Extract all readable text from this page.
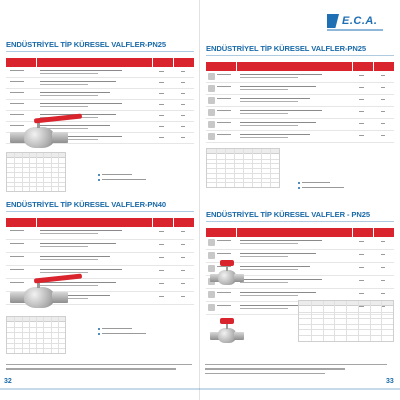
E.C.A.
ENDÜSTRİYEL TİP KÜRESEL VALFLER-PN25
ENDÜSTRİYEL TİP KÜRESEL VALFLER-PN40
ENDÜSTRİYEL TİP KÜRESEL VALFLER-PN25
ENDÜSTRİYEL TİP KÜRESEL VALFLER - PN25
32	33
